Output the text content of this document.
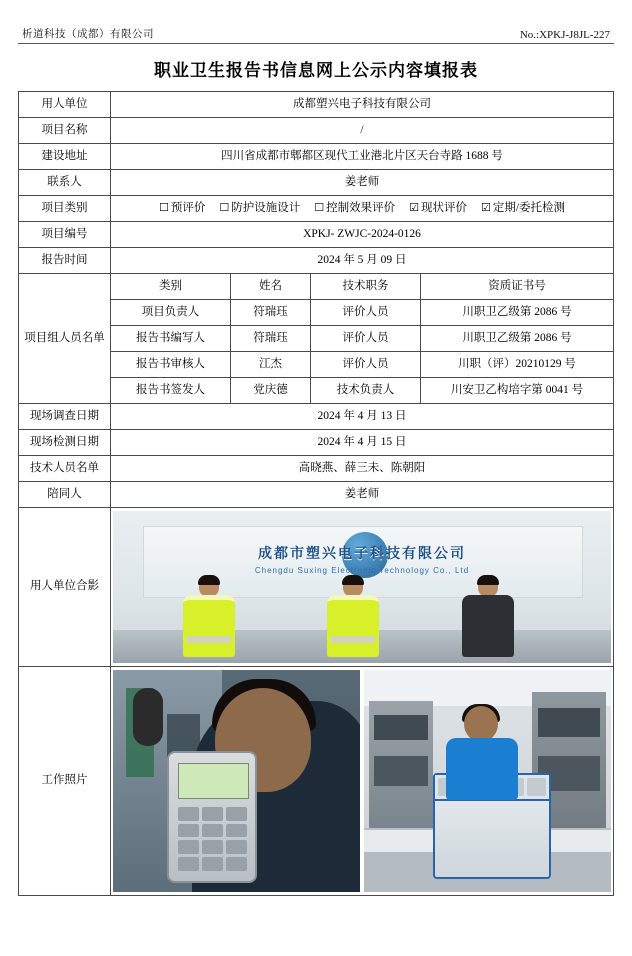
析道科技（成都）有限公司	No.:XPKJ-J8JL-227
职业卫生报告书信息网上公示内容填报表
用人单位	成都塑兴电子科技有限公司			
项目名称	/			
建设地址	四川省成都市郫都区现代工业港北片区天台寺路 1688 号			
联系人	姜老师			
项目类别	☐ 预评价 ☐ 防护设施设计 ☐ 控制效果评价 ☑ 现状评价 ☑ 定期/委托检测

项目编号	XPKJ- ZWJC-2024-0126			
报告时间	2024 年 5 月 09 日			
项目组人员名单	类别	姓名	技术职务	资质证书号
	项目负责人	符瑞珏	评价人员	川职卫乙级第 2086 号
	报告书编写人	符瑞珏	评价人员	川职卫乙级第 2086 号
	报告书审核人	江杰	评价人员	川职（评）20210129 号
	报告书签发人	党庆德	技术负责人	川安卫乙构培字第 0041 号
现场调查日期	2024 年 4 月 13 日			
现场检测日期	2024 年 4 月 15 日			
技术人员名单	高晓燕、薛三未、陈朝阳			
陪同人	姜老师			
用人单位合影	成都市塑兴电子科技有限公司
Chengdu Suxing Electronic Technology Co., Ltd			

工作照片				
